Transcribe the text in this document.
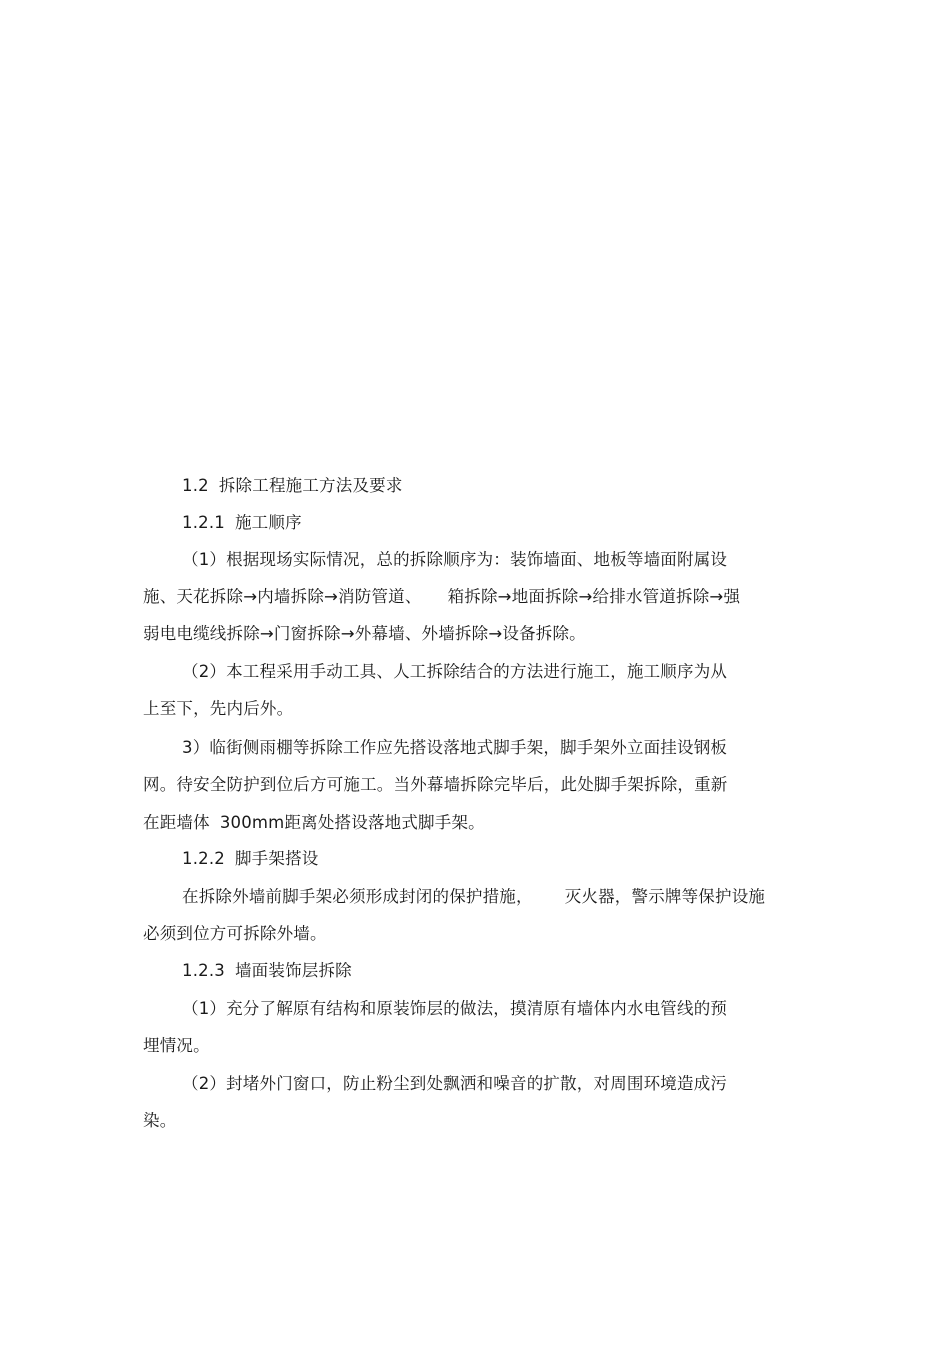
1.2 拆除工程施工方法及要求
1.2.1 施工顺序
（1）根据现场实际情况，总的拆除顺序为：装饰墙面、地板等墙面附属设
施、天花拆除→内墙拆除→消防管道、 箱拆除→地面拆除→给排水管道拆除→强
弱电电缆线拆除→门窗拆除→外幕墙、外墙拆除→设备拆除。
（2）本工程采用手动工具、人工拆除结合的方法进行施工，施工顺序为从
上至下，先内后外。
3）临街侧雨棚等拆除工作应先搭设落地式脚手架，脚手架外立面挂设钢板
网。待安全防护到位后方可施工。当外幕墙拆除完毕后，此处脚手架拆除，重新
在距墙体 300mm距离处搭设落地式脚手架。
1.2.2 脚手架搭设
在拆除外墙前脚手架必须形成封闭的保护措施， 灭火器，警示牌等保护设施
必须到位方可拆除外墙。
1.2.3 墙面装饰层拆除
（1）充分了解原有结构和原装饰层的做法，摸清原有墙体内水电管线的预
埋情况。
（2）封堵外门窗口，防止粉尘到处飘洒和噪音的扩散，对周围环境造成污
染。
